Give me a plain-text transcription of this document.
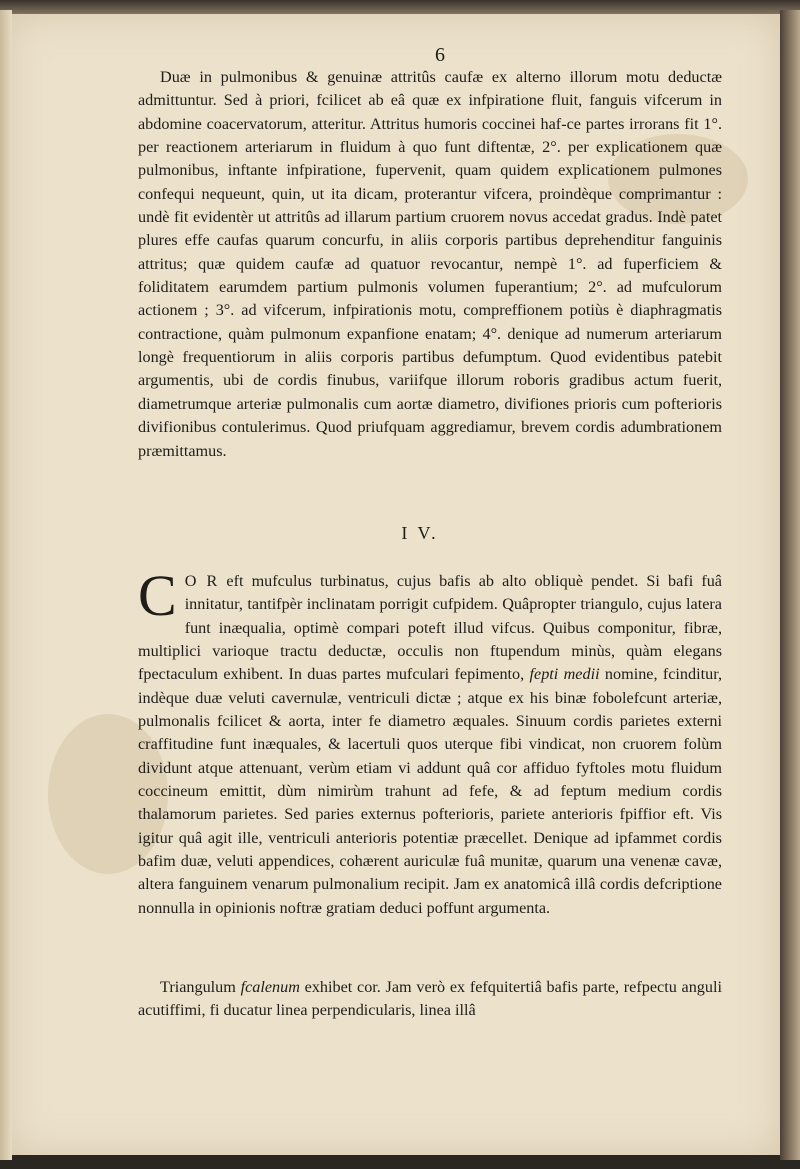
6
Duæ in pulmonibus & genuinæ attritûs caufæ ex alterno illorum motu deductæ admittuntur. Sed à priori, fcilicet ab eâ quæ ex infpiratione fluit, fanguis vifcerum in abdomine coacervatorum, atteritur. Attritus humoris coccinei haf-ce partes irrorans fit 1°. per reactionem arteriarum in fluidum à quo funt diftentæ, 2°. per explicationem quæ pulmonibus, inftante infpiratione, fupervenit, quam quidem explicationem pulmones confequi nequeunt, quin, ut ita dicam, proterantur vifcera, proindèque comprimantur : undè fit evidentèr ut attritûs ad illarum partium cruorem novus accedat gradus. Indè patet plures effe caufas quarum concurfu, in aliis corporis partibus deprehenditur fanguinis attritus; quæ quidem caufæ ad quatuor revocantur, nempè 1°. ad fuperficiem & foliditatem earumdem partium pulmonis volumen fuperantium; 2°. ad mufculorum actionem ; 3°. ad vifcerum, infpirationis motu, compreffionem potiùs è diaphragmatis contractione, quàm pulmonum expanfione enatam; 4°. denique ad numerum arteriarum longè frequentiorum in aliis corporis partibus defumptum. Quod evidentibus patebit argumentis, ubi de cordis finubus, variifque illorum roboris gradibus actum fuerit, diametrumque arteriæ pulmonalis cum aortæ diametro, divifiones prioris cum pofterioris divifionibus contulerimus. Quod priufquam aggrediamur, brevem cordis adumbrationem præmittamus.
I V.
C O R eft mufculus turbinatus, cujus bafis ab alto obliquè pendet. Si bafi fuâ innitatur, tantifpèr inclinatam porrigit cufpidem. Quâpropter triangulo, cujus latera funt inæqualia, optimè compari poteft illud vifcus. Quibus componitur, fibræ, multiplici varioque tractu deductæ, occulis non ftupendum minùs, quàm elegans fpectaculum exhibent. In duas partes mufculari fepimento, fepti medii nomine, fcinditur, indèque duæ veluti cavernulæ, ventriculi dictæ ; atque ex his binæ fobolefcunt arteriæ, pulmonalis fcilicet & aorta, inter fe diametro æquales. Sinuum cordis parietes externi craffitudine funt inæquales, & lacertuli quos uterque fibi vindicat, non cruorem folùm dividunt atque attenuant, verùm etiam vi addunt quâ cor affiduo fyftoles motu fluidum coccineum emittit, dùm nimirùm trahunt ad fefe, & ad feptum medium cordis thalamorum parietes. Sed paries externus pofterioris, pariete anterioris fpiffior eft. Vis igitur quâ agit ille, ventriculi anterioris potentiæ præcellet. Denique ad ipfammet cordis bafim duæ, veluti appendices, cohærent auriculæ fuâ munitæ, quarum una venenæ cavæ, altera fanguinem venarum pulmonalium recipit. Jam ex anatomicâ illâ cordis defcriptione nonnulla in opinionis noftræ gratiam deduci poffunt argumenta.
Triangulum fcalenum exhibet cor. Jam verò ex fefquitertiâ bafis parte, refpectu anguli acutiffimi, fi ducatur linea perpendicularis, linea illâ
